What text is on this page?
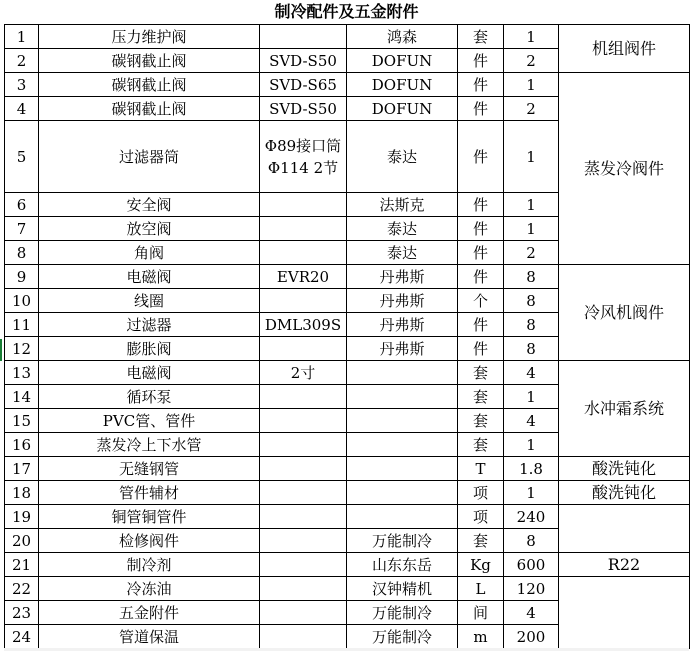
制冷配件及五金附件
1	压力维护阀		鸿森	套	1	机组阀件
2	碳钢截止阀	SVD-S50	DOFUN	件	2	
3	碳钢截止阀	SVD-S65	DOFUN	件	1	蒸发冷阀件
4	碳钢截止阀	SVD-S50	DOFUN	件	2	
5	过滤器筒	Φ89接口筒Φ114 2节	泰达	件	1	
6	安全阀		法斯克	件	1	
7	放空阀		泰达	件	1	
8	角阀		泰达	件	2	
9	电磁阀	EVR20	丹弗斯	件	8	冷风机阀件
10	线圈		丹弗斯	个	8	
11	过滤器	DML309S	丹弗斯	件	8	
12	膨胀阀		丹弗斯	件	8	
13	电磁阀	2寸		套	4	水冲霜系统
14	循环泵			套	1	
15	PVC管、管件			套	4	
16	蒸发冷上下水管			套	1	
17	无缝钢管			T	1.8	酸洗钝化
18	管件辅材			项	1	酸洗钝化
19	铜管铜管件			项	240	
20	检修阀件		万能制冷	套	8	
21	制冷剂		山东东岳	Kg	600	R22
22	冷冻油		汉钟精机	L	120	
23	五金附件		万能制冷	间	4	
24	管道保温		万能制冷	m	200	
